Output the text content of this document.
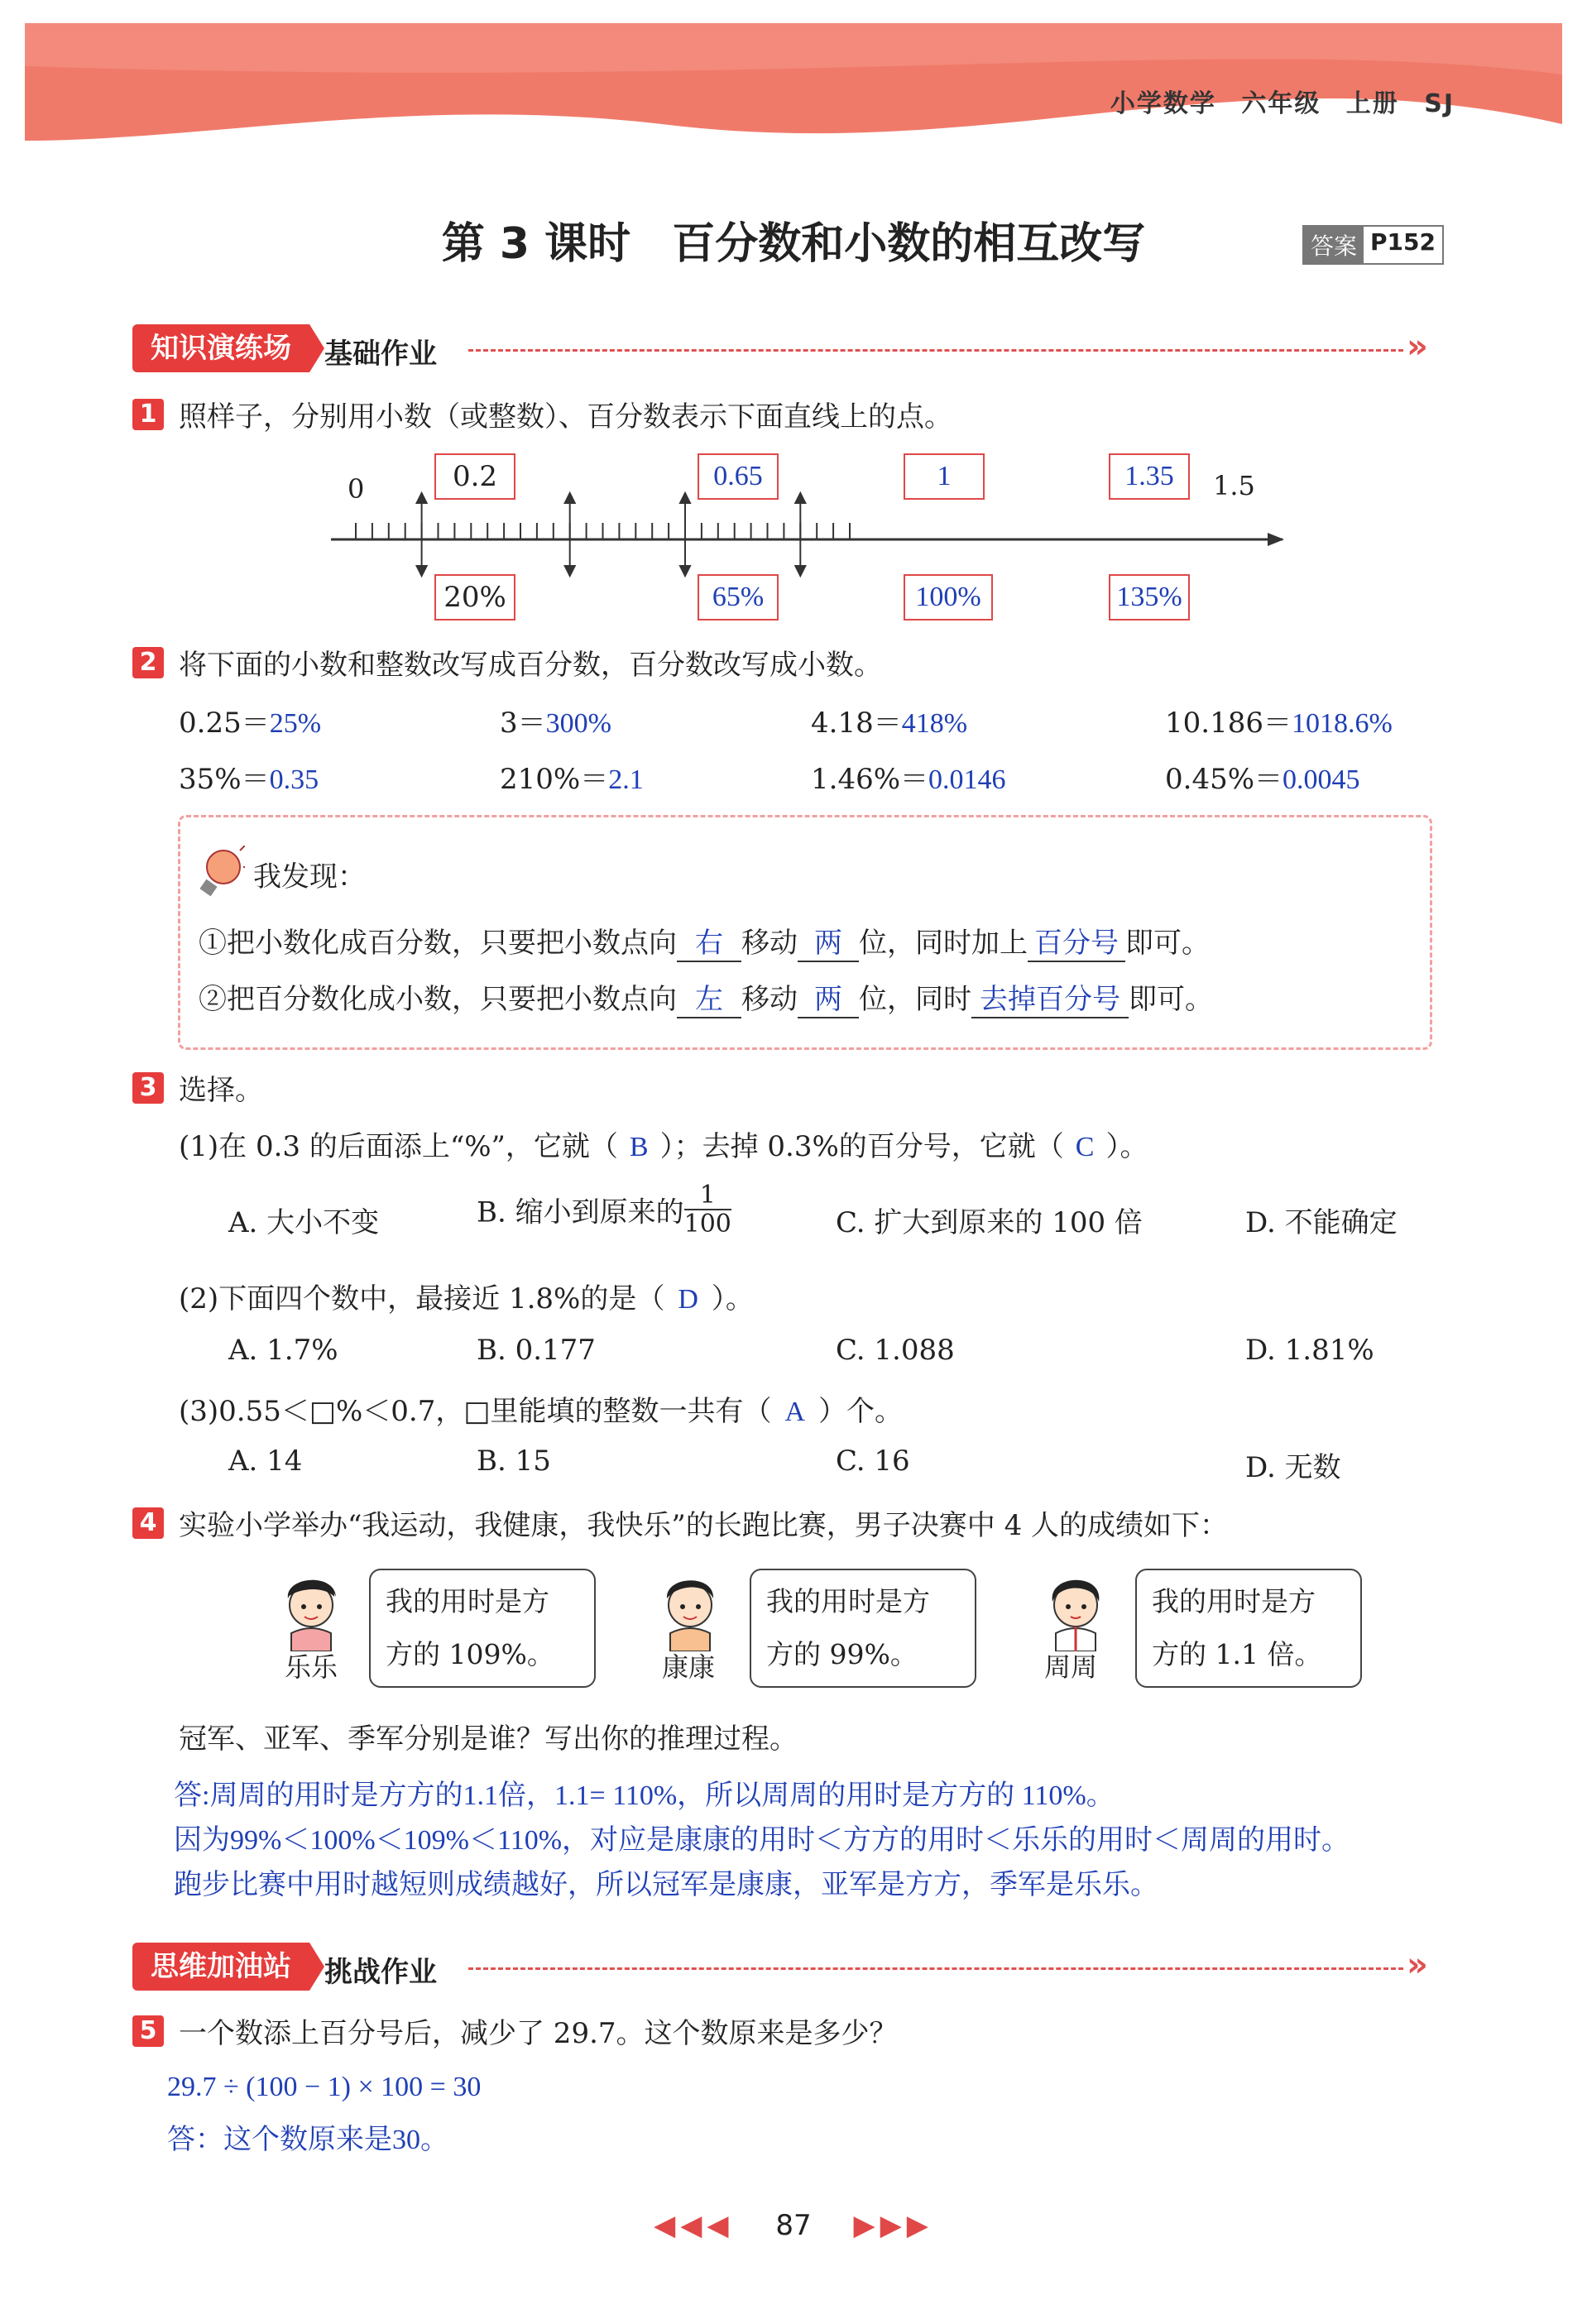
小学数学 六年级 上册 SJ
第 3 课时 百分数和小数的相互改写	答案 P152
知识演练场	基础作业	»
1 照样子，分别用小数（或整数）、百分数表示下面直线上的点。
0	1.5
0.2	0.65	1	1.35
20%	65%	100%	135%
2 将下面的小数和整数改写成百分数，百分数改写成小数。
0.25＝25%	3＝300%	4.18＝418%	10.186＝1018.6%
35%＝0.35	210%＝2.1	1.46%＝0.0146	0.45%＝0.0045
我发现：
①把小数化成百分数，只要把小数点向 右 移动 两 位，同时加上 百分号 即可。
②把百分数化成小数，只要把小数点向 左 移动 两 位，同时 去掉百分号 即可。
3 选择。
(1)在 0.3 的后面添上“%”，它就（ B ）；去掉 0.3%的百分号，它就（ C ）。
A. 大小不变	B. 缩小到原来的 $\frac{1}{100}$	C. 扩大到原来的 100 倍	D. 不能确定
(2)下面四个数中，最接近 1.8%的是（ D ）。
A. 1.7%	B. 0.177	C. 1.088	D. 1.81%
(3)0.55＜□%＜0.7，□里能填的整数一共有（ A ）个。
A. 14	B. 15	C. 16	D. 无数
4 实验小学举办“我运动，我健康，我快乐”的长跑比赛，男子决赛中 4 人的成绩如下：
乐乐
我的用时是方
方的 109%。	康康
我的用时是方
方的 99%。	周周
我的用时是方
方的 1.1 倍。
冠军、亚军、季军分别是谁？写出你的推理过程。
答:周周的用时是方方的1.1倍，1.1= 110%，所以周周的用时是方方的 110%。
因为99%＜100%＜109%＜110%，对应是康康的用时＜方方的用时＜乐乐的用时＜周周的用时。
跑步比赛中用时越短则成绩越好，所以冠军是康康，亚军是方方，季军是乐乐。
思维加油站	挑战作业	»
5 一个数添上百分号后，减少了 29.7。这个数原来是多少？
29.7 ÷ (100 − 1) × 100 = 30
答：这个数原来是30。
◀◀◀ 87 ▶▶▶
